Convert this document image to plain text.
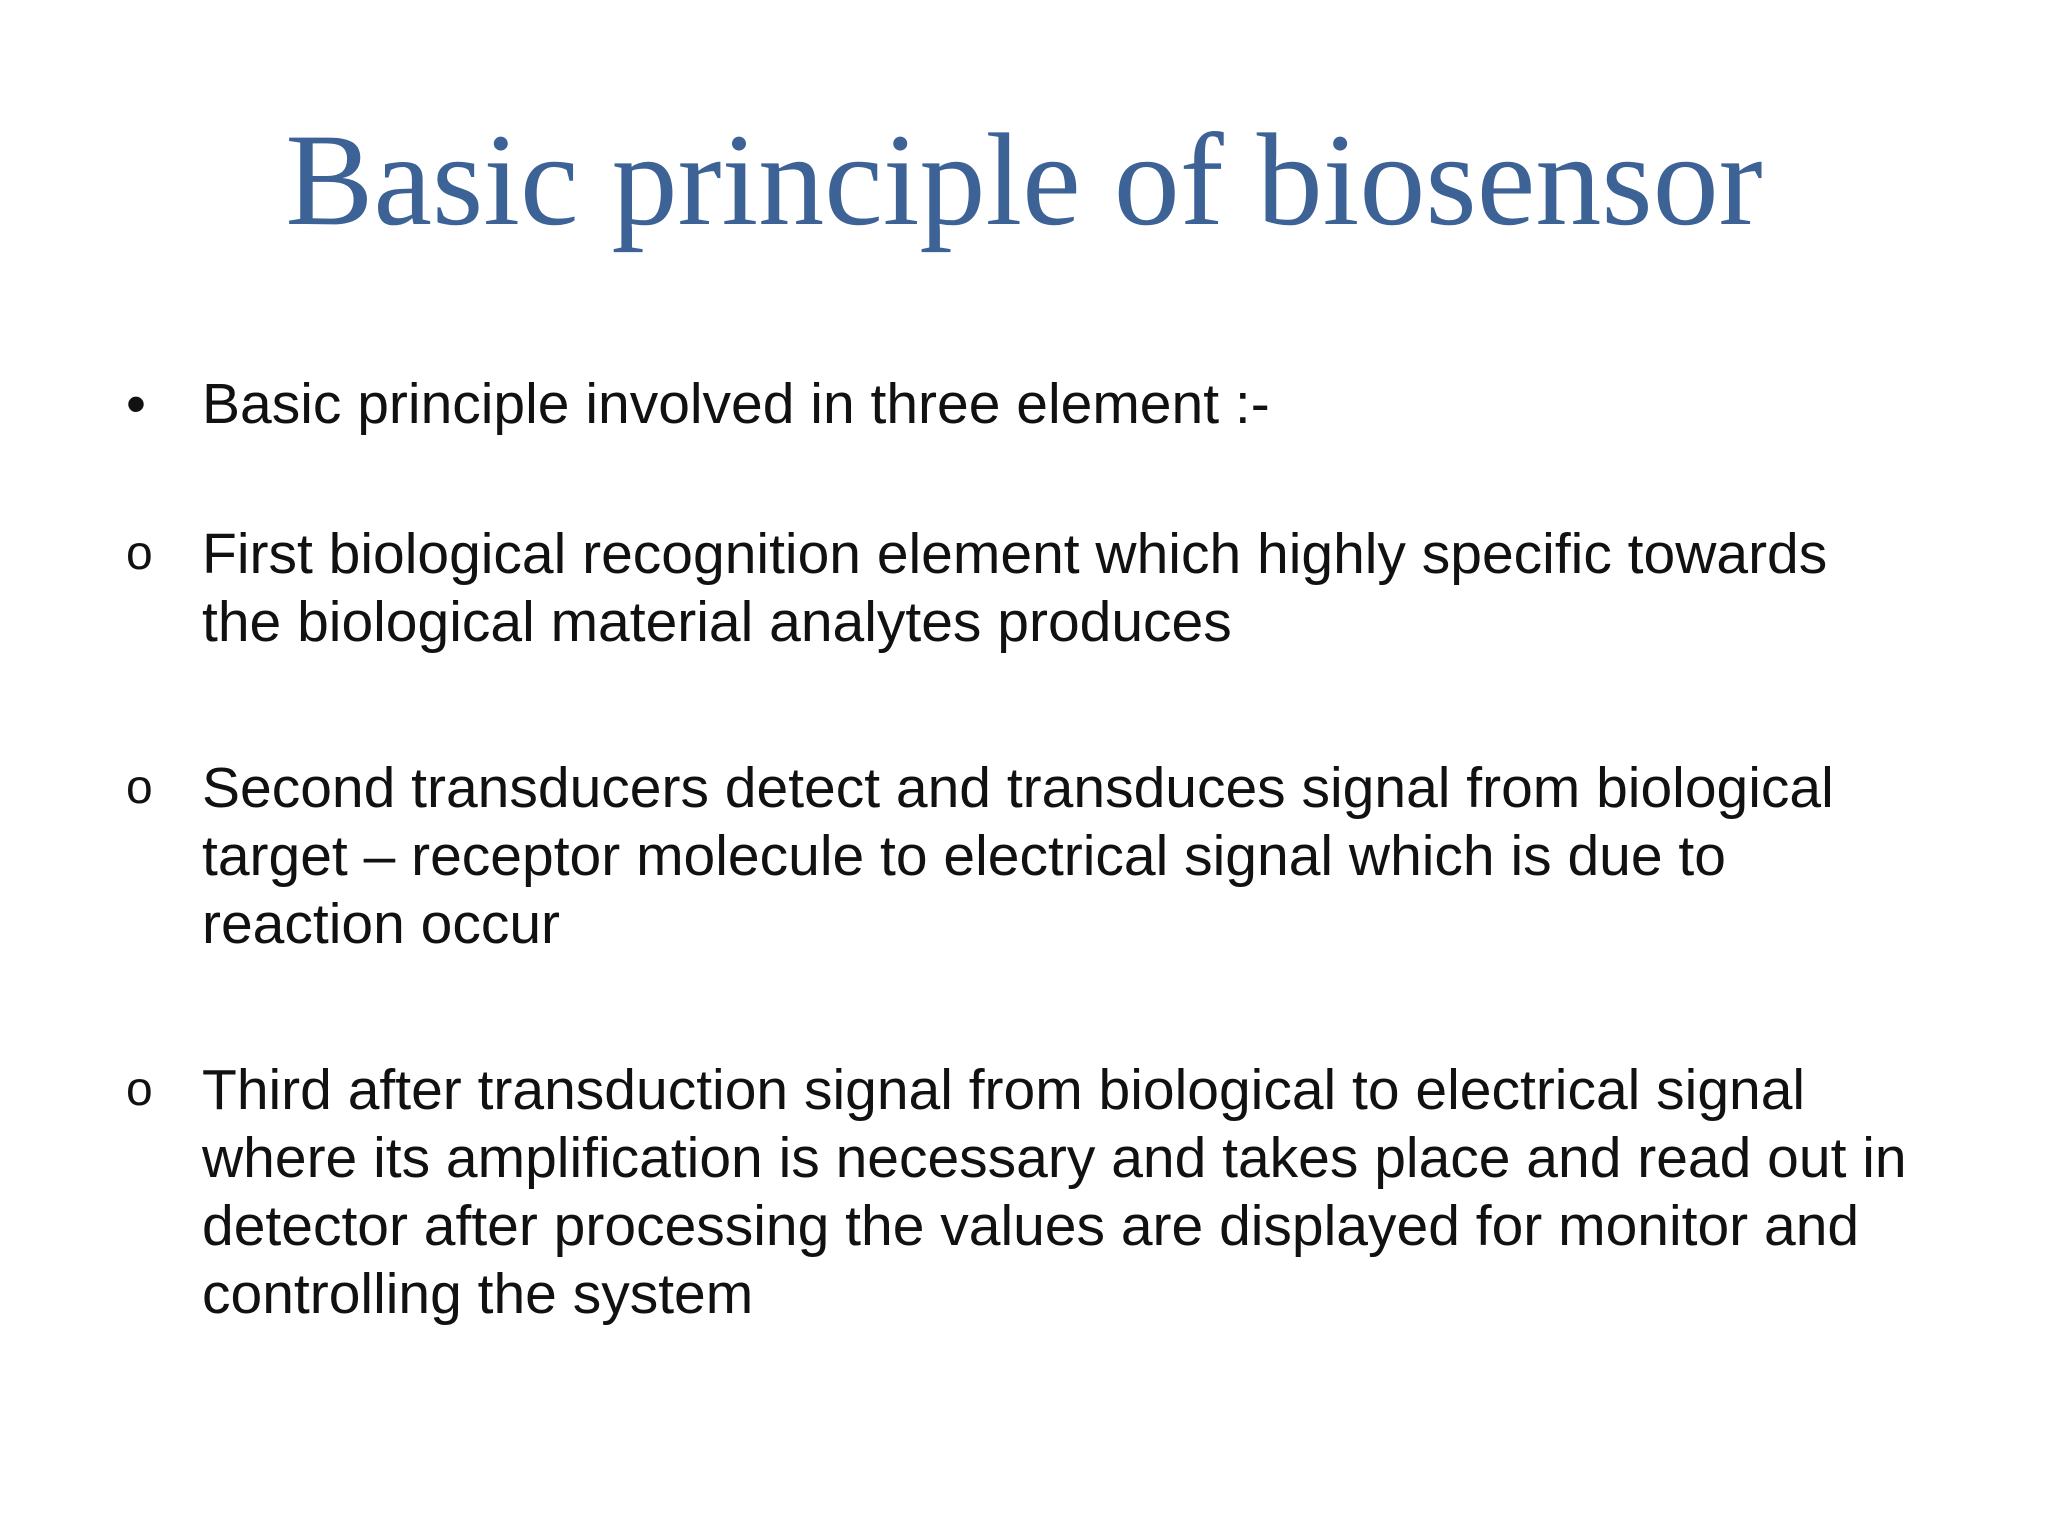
Basic principle of biosensor
• Basic principle involved in three element :-
o First biological recognition element which highly specific towards
the biological material analytes produces
o Second transducers detect and transduces signal from biological
target – receptor molecule to electrical signal which is due to
reaction occur
o Third after transduction signal from biological to electrical signal
where its amplification is necessary and takes place and read out in
detector after processing the values are displayed for monitor and
controlling the system
